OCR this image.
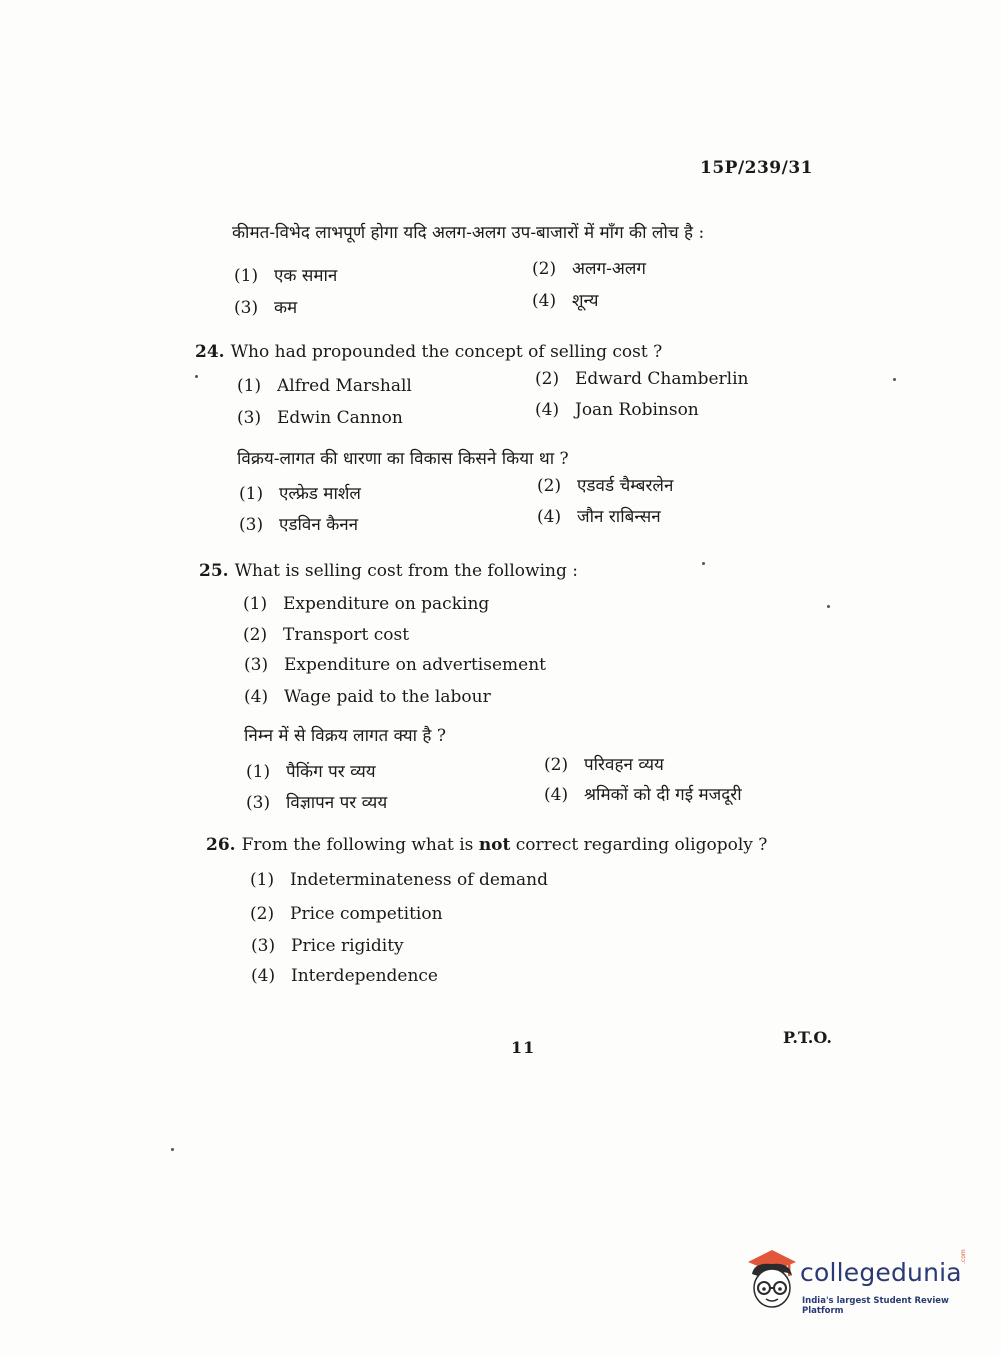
15P/239/31
कीमत-विभेद लाभपूर्ण होगा यदि अलग-अलग उप-बाजारों में माँग की लोच है :
(1) एक समान	(2) अलग-अलग
(3) कम	(4) शून्य
24. Who had propounded the concept of selling cost ?
(1) Alfred Marshall	(2) Edward Chamberlin
(3) Edwin Cannon	(4) Joan Robinson
विक्रय-लागत की धारणा का विकास किसने किया था ?
(1) एल्फ्रेड मार्शल	(2) एडवर्ड चैम्बरलेन
(3) एडविन कैनन	(4) जौन राबिन्सन
25. What is selling cost from the following :
(1) Expenditure on packing
(2) Transport cost
(3) Expenditure on advertisement
(4) Wage paid to the labour
निम्न में से विक्रय लागत क्या है ?
(1) पैकिंग पर व्यय	(2) परिवहन व्यय
(3) विज्ञापन पर व्यय	(4) श्रमिकों को दी गई मजदूरी
26. From the following what is not correct regarding oligopoly ?
(1) Indeterminateness of demand
(2) Price competition
(3) Price rigidity
(4) Interdependence
11
P.T.O.
collegedunia
.com
India's largest Student Review Platform
